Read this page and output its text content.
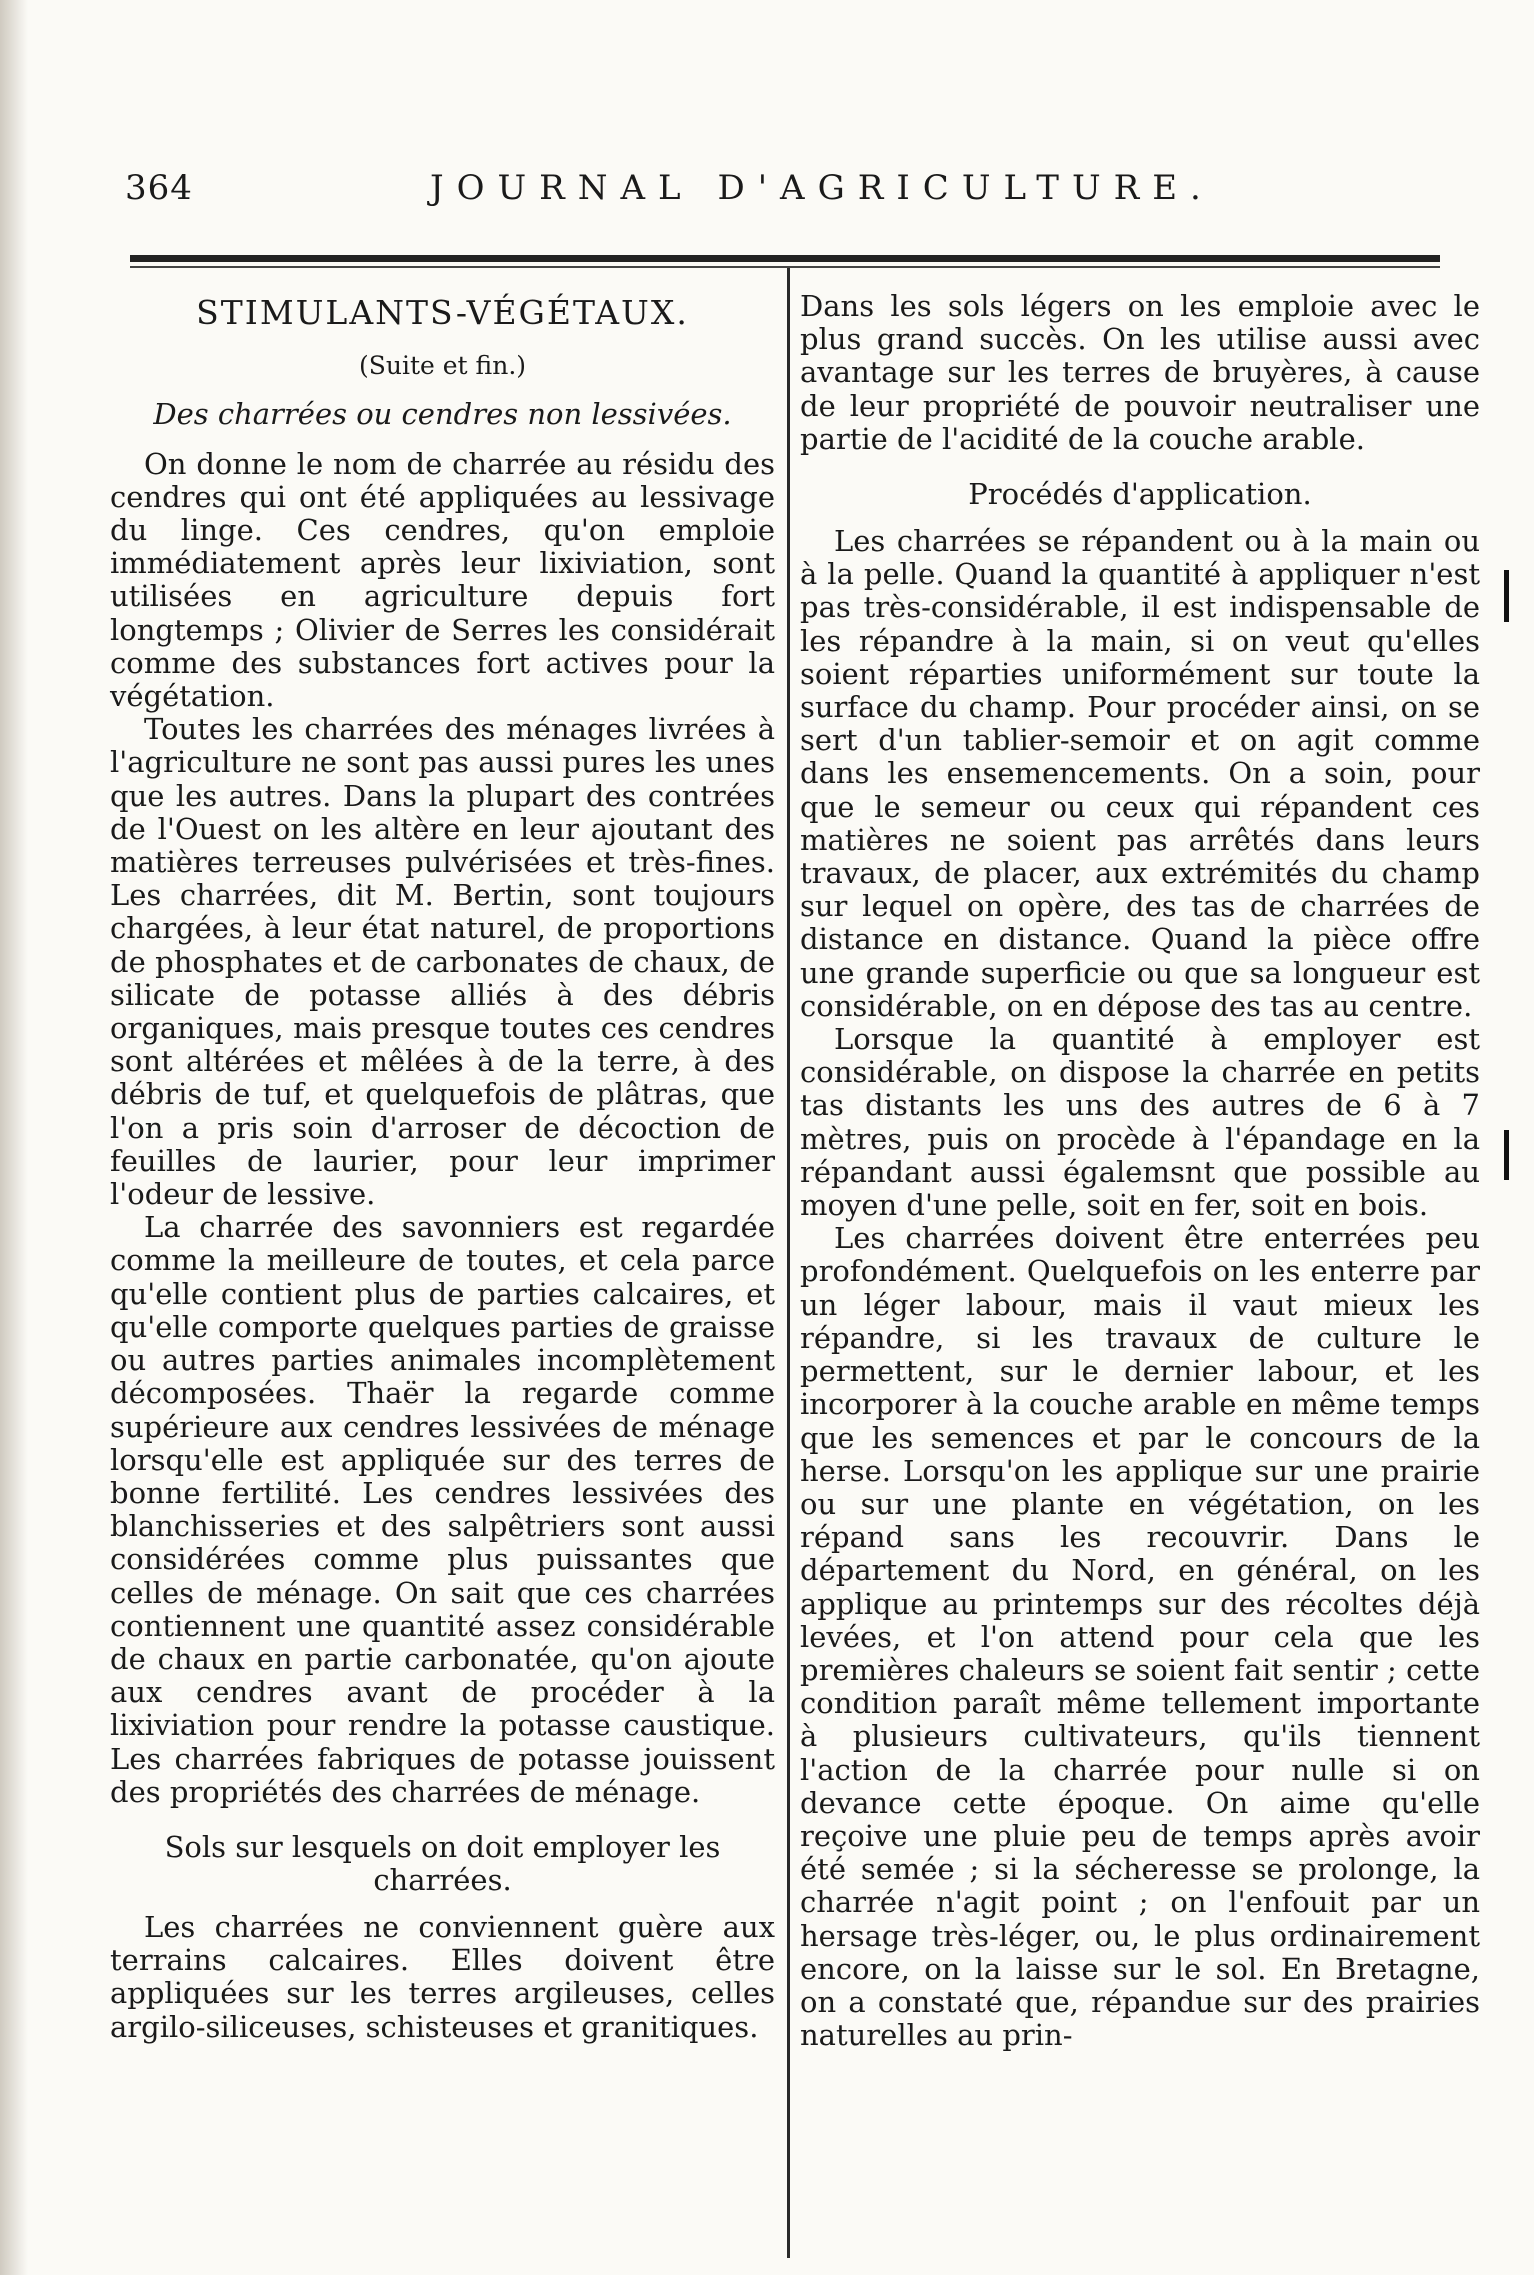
364	JOURNAL D'AGRICULTURE.
STIMULANTS-VÉGÉTAUX.
(Suite et fin.)
Des charrées ou cendres non lessivées.

On donne le nom de charrée au résidu des cendres qui ont été appliquées au lessivage du linge. Ces cendres, qu'on emploie immédiatement après leur lixiviation, sont utilisées en agriculture depuis fort longtemps ; Olivier de Serres les considérait comme des substances fort actives pour la végétation.

Toutes les charrées des ménages livrées à l'agriculture ne sont pas aussi pures les unes que les autres. Dans la plupart des contrées de l'Ouest on les altère en leur ajoutant des matières terreuses pulvérisées et très-fines. Les charrées, dit M. Bertin, sont toujours chargées, à leur état naturel, de proportions de phosphates et de carbonates de chaux, de silicate de potasse alliés à des débris organiques, mais presque toutes ces cendres sont altérées et mêlées à de la terre, à des débris de tuf, et quelquefois de plâtras, que l'on a pris soin d'arroser de décoction de feuilles de laurier, pour leur imprimer l'odeur de lessive.

La charrée des savonniers est regardée comme la meilleure de toutes, et cela parce qu'elle contient plus de parties calcaires, et qu'elle comporte quelques parties de graisse ou autres parties animales incomplètement décomposées. Thaër la regarde comme supérieure aux cendres lessivées de ménage lorsqu'elle est appliquée sur des terres de bonne fertilité. Les cendres lessivées des blanchisseries et des salpêtriers sont aussi considérées comme plus puissantes que celles de ménage. On sait que ces charrées contiennent une quantité assez considérable de chaux en partie carbonatée, qu'on ajoute aux cendres avant de procéder à la lixiviation pour rendre la potasse caustique. Les charrées fabriques de potasse jouissent des propriétés des charrées de ménage.

Sols sur lesquels on doit employer les charrées.

Les charrées ne conviennent guère aux terrains calcaires. Elles doivent être appliquées sur les terres argileuses, celles argilo-siliceuses, schisteuses et granitiques.

Dans les sols légers on les emploie avec le plus grand succès. On les utilise aussi avec avantage sur les terres de bruyères, à cause de leur propriété de pouvoir neutraliser une partie de l'acidité de la couche arable.

Procédés d'application.

Les charrées se répandent ou à la main ou à la pelle. Quand la quantité à appliquer n'est pas très-considérable, il est indispensable de les répandre à la main, si on veut qu'elles soient réparties uniformément sur toute la surface du champ. Pour procéder ainsi, on se sert d'un tablier-semoir et on agit comme dans les ensemencements. On a soin, pour que le semeur ou ceux qui répandent ces matières ne soient pas arrêtés dans leurs travaux, de placer, aux extrémités du champ sur lequel on opère, des tas de charrées de distance en distance. Quand la pièce offre une grande superficie ou que sa longueur est considérable, on en dépose des tas au centre.

Lorsque la quantité à employer est considérable, on dispose la charrée en petits tas distants les uns des autres de 6 à 7 mètres, puis on procède à l'épandage en la répandant aussi égalemsnt que possible au moyen d'une pelle, soit en fer, soit en bois.

Les charrées doivent être enterrées peu profondément. Quelquefois on les enterre par un léger labour, mais il vaut mieux les répandre, si les travaux de culture le permettent, sur le dernier labour, et les incorporer à la couche arable en même temps que les semences et par le concours de la herse. Lorsqu'on les applique sur une prairie ou sur une plante en végétation, on les répand sans les recouvrir. Dans le département du Nord, en général, on les applique au printemps sur des récoltes déjà levées, et l'on attend pour cela que les premières chaleurs se soient fait sentir ; cette condition paraît même tellement importante à plusieurs cultivateurs, qu'ils tiennent l'action de la charrée pour nulle si on devance cette époque. On aime qu'elle reçoive une pluie peu de temps après avoir été semée ; si la sécheresse se prolonge, la charrée n'agit point ; on l'enfouit par un hersage très-léger, ou, le plus ordinairement encore, on la laisse sur le sol. En Bretagne, on a constaté que, répandue sur des prairies naturelles au prin-
